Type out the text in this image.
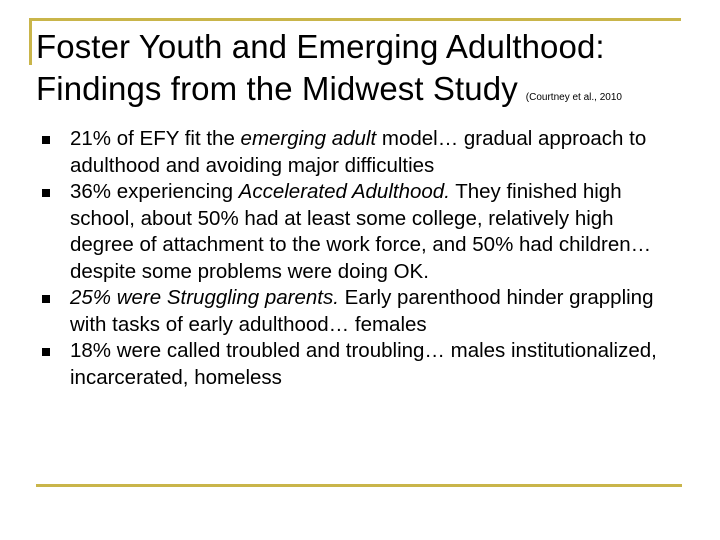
Foster Youth and Emerging Adulthood: Findings from the Midwest Study (Courtney et al., 2010
21% of EFY fit the emerging adult model… gradual approach to adulthood and avoiding major difficulties
36% experiencing Accelerated Adulthood. They finished high school, about 50% had at least some college, relatively high degree of attachment to the work force, and 50% had children… despite some problems were doing OK.
25% were Struggling parents. Early parenthood hinder grappling with tasks of early adulthood… females
18% were called troubled and troubling… males institutionalized, incarcerated, homeless
